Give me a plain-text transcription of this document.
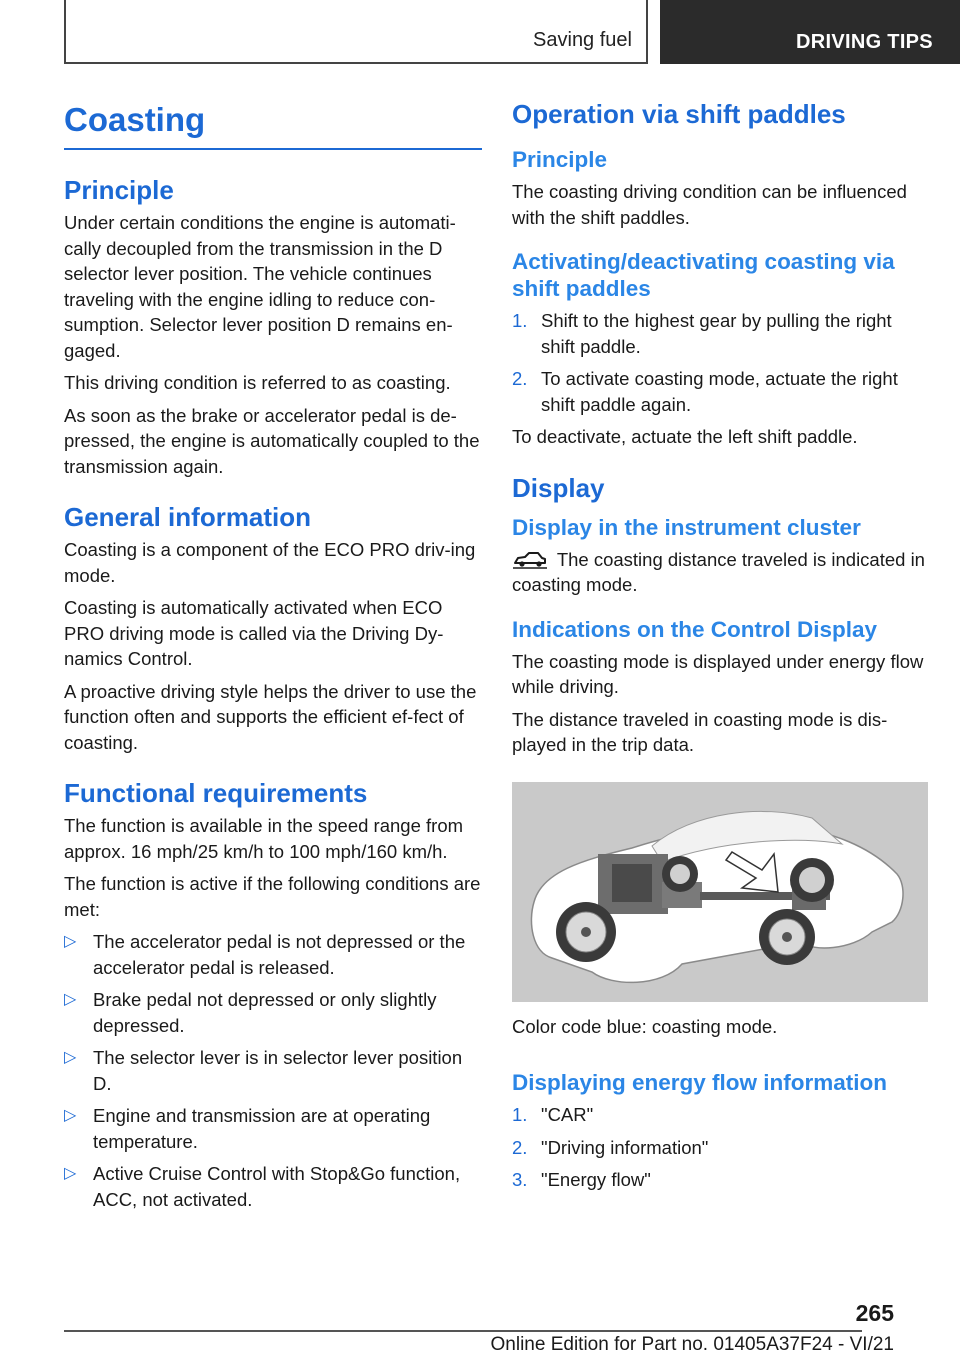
Saving fuel	DRIVING TIPS
Coasting
Principle

Under certain conditions the engine is automati-cally decoupled from the transmission in the D selector lever position. The vehicle continues traveling with the engine idling to reduce con-sumption. Selector lever position D remains en-gaged.

This driving condition is referred to as coasting.

As soon as the brake or accelerator pedal is de-pressed, the engine is automatically coupled to the transmission again.

General information

Coasting is a component of the ECO PRO driv-ing mode.

Coasting is automatically activated when ECO PRO driving mode is called via the Driving Dy-namics Control.

A proactive driving style helps the driver to use the function often and supports the efficient ef-fect of coasting.

Functional requirements

The function is available in the speed range from approx. 16 mph/25 km/h to 100 mph/160 km/h.

The function is active if the following conditions are met:

▷ The accelerator pedal is not depressed or the accelerator pedal is released.
▷ Brake pedal not depressed or only slightly depressed.
▷ The selector lever is in selector lever position D.
▷ Engine and transmission are at operating temperature.
▷ Active Cruise Control with Stop&Go function, ACC, not activated.
Operation via shift paddles
Principle

The coasting driving condition can be influenced with the shift paddles.

Activating/deactivating coasting via shift paddles
1. Shift to the highest gear by pulling the right shift paddle.
2. To activate coasting mode, actuate the right shift paddle again.

To deactivate, actuate the left shift paddle.

Display
Display in the instrument cluster
The coasting distance traveled is indicated in coasting mode.
Indications on the Control Display

The coasting mode is displayed under energy flow while driving.

The distance traveled in coasting mode is dis-played in the trip data.

Color code blue: coasting mode.

Displaying energy flow information
1. "CAR"
2. "Driving information"
3. "Energy flow"
265
Online Edition for Part no. 01405A37F24 - VI/21
